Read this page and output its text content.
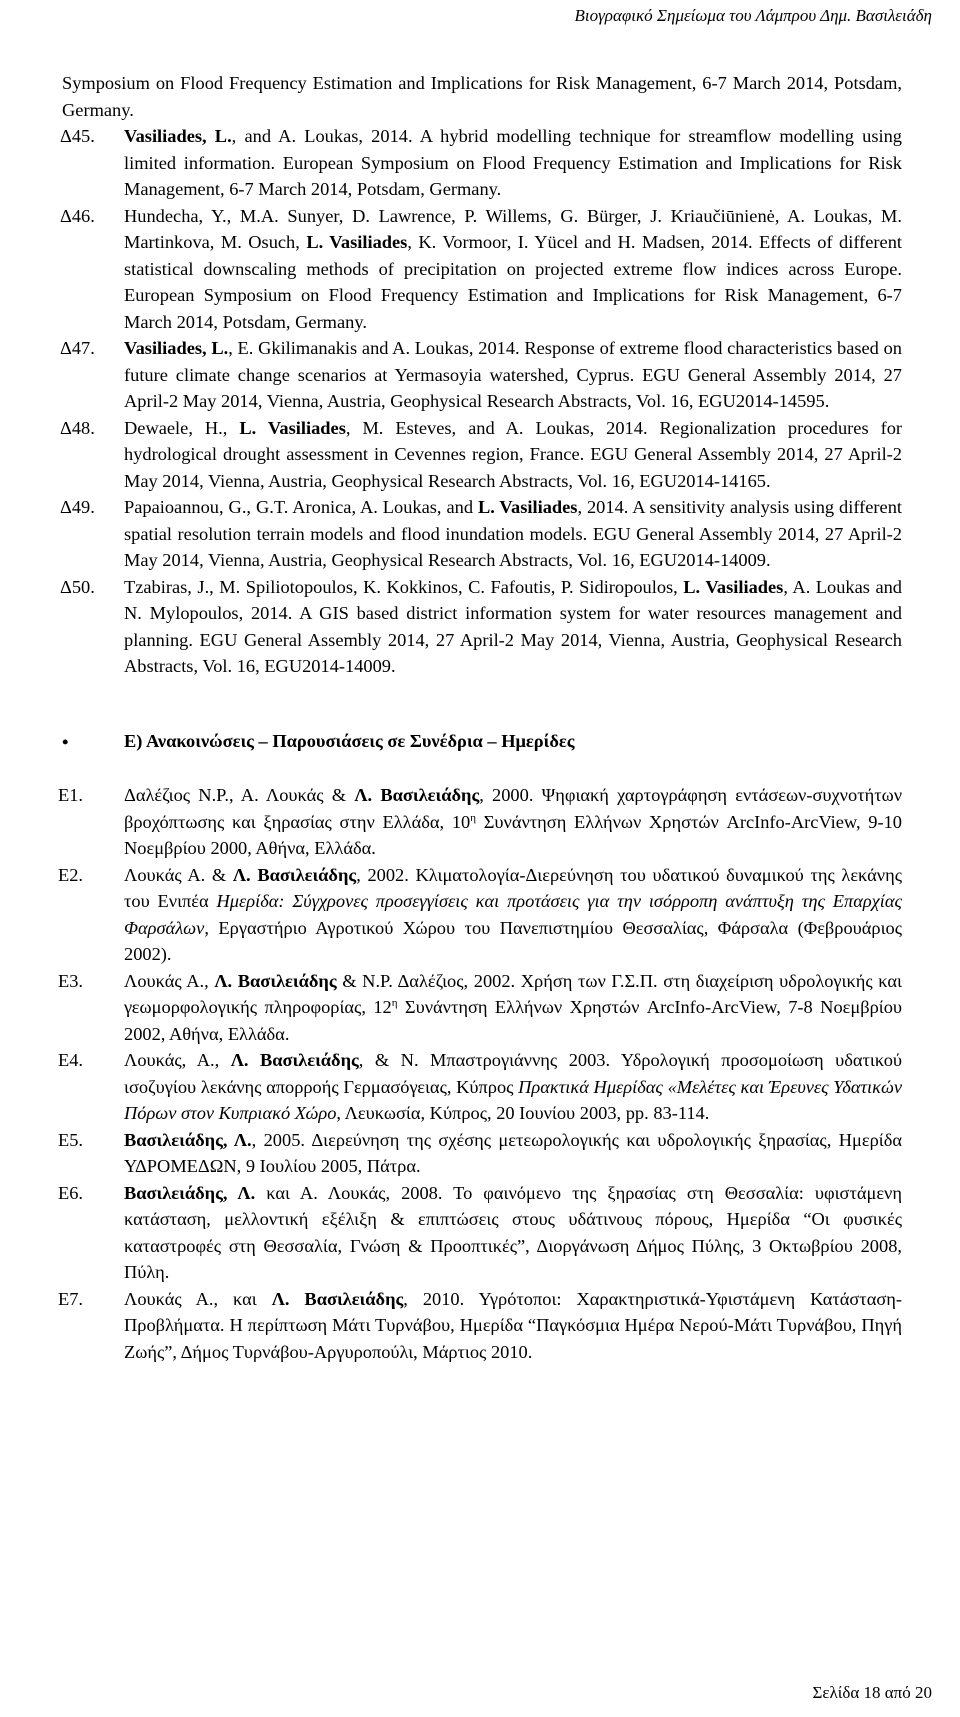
Βιογραφικό Σημείωμα του Λάμπρου Δημ. Βασιλειάδη
Symposium on Flood Frequency Estimation and Implications for Risk Management, 6-7 March 2014, Potsdam, Germany.
Δ45. Vasiliades, L., and A. Loukas, 2014. A hybrid modelling technique for streamflow modelling using limited information. European Symposium on Flood Frequency Estimation and Implications for Risk Management, 6-7 March 2014, Potsdam, Germany.
Δ46. Hundecha, Y., M.A. Sunyer, D. Lawrence, P. Willems, G. Bürger, J. Kriaučiūnienė, A. Loukas, M. Martinkova, M. Osuch, L. Vasiliades, K. Vormoor, I. Yücel and H. Madsen, 2014. Effects of different statistical downscaling methods of precipitation on projected extreme flow indices across Europe. European Symposium on Flood Frequency Estimation and Implications for Risk Management, 6-7 March 2014, Potsdam, Germany.
Δ47. Vasiliades, L., E. Gkilimanakis and A. Loukas, 2014. Response of extreme flood characteristics based on future climate change scenarios at Yermasoyia watershed, Cyprus. EGU General Assembly 2014, 27 April-2 May 2014, Vienna, Austria, Geophysical Research Abstracts, Vol. 16, EGU2014-14595.
Δ48. Dewaele, H., L. Vasiliades, M. Esteves, and A. Loukas, 2014. Regionalization procedures for hydrological drought assessment in Cevennes region, France. EGU General Assembly 2014, 27 April-2 May 2014, Vienna, Austria, Geophysical Research Abstracts, Vol. 16, EGU2014-14165.
Δ49. Papaioannou, G., G.T. Aronica, A. Loukas, and L. Vasiliades, 2014. A sensitivity analysis using different spatial resolution terrain models and flood inundation models. EGU General Assembly 2014, 27 April-2 May 2014, Vienna, Austria, Geophysical Research Abstracts, Vol. 16, EGU2014-14009.
Δ50. Tzabiras, J., M. Spiliotopoulos, K. Kokkinos, C. Fafoutis, P. Sidiropoulos, L. Vasiliades, A. Loukas and N. Mylopoulos, 2014. A GIS based district information system for water resources management and planning. EGU General Assembly 2014, 27 April-2 May 2014, Vienna, Austria, Geophysical Research Abstracts, Vol. 16, EGU2014-14009.
•	Ε) Ανακοινώσεις – Παρουσιάσεις σε Συνέδρια – Ημερίδες
Ε1. Δαλέζιος Ν.Ρ., Α. Λουκάς & Λ. Βασιλειάδης, 2000. Ψηφιακή χαρτογράφηση εντάσεων-συχνοτήτων βροχόπτωσης και ξηρασίας στην Ελλάδα, $10^\eta$ Συνάντηση Ελλήνων Χρηστών ArcInfo-ArcView, 9-10 Νοεμβρίου 2000, Αθήνα, Ελλάδα.
Ε2. Λουκάς Α. & Λ. Βασιλειάδης, 2002. Κλιματολογία-Διερεύνηση του υδατικού δυναμικού της λεκάνης του Ενιπέα Ημερίδα: Σύγχρονες προσεγγίσεις και προτάσεις για την ισόρροπη ανάπτυξη της Επαρχίας Φαρσάλων, Εργαστήριο Αγροτικού Χώρου του Πανεπιστημίου Θεσσαλίας, Φάρσαλα (Φεβρουάριος 2002).
Ε3. Λουκάς Α., Λ. Βασιλειάδης & Ν.Ρ. Δαλέζιος, 2002. Χρήση των Γ.Σ.Π. στη διαχείριση υδρολογικής και γεωμορφολογικής πληροφορίας, $12^\eta$ Συνάντηση Ελλήνων Χρηστών ArcInfo-ArcView, 7-8 Νοεμβρίου 2002, Αθήνα, Ελλάδα.
Ε4. Λουκάς, Α., Λ. Βασιλειάδης, & Ν. Μπαστρογιάννης 2003. Υδρολογική προσομοίωση υδατικού ισοζυγίου λεκάνης απορροής Γερμασόγειας, Κύπρος Πρακτικά Ημερίδας «Μελέτες και Έρευνες Υδατικών Πόρων στον Κυπριακό Χώρο, Λευκωσία, Κύπρος, 20 Ιουνίου 2003, pp. 83-114.
Ε5. Βασιλειάδης, Λ., 2005. Διερεύνηση της σχέσης μετεωρολογικής και υδρολογικής ξηρασίας, Ημερίδα ΥΔΡΟΜΕΔΩΝ, 9 Ιουλίου 2005, Πάτρα.
Ε6. Βασιλειάδης, Λ. και Α. Λουκάς, 2008. Το φαινόμενο της ξηρασίας στη Θεσσαλία: υφιστάμενη κατάσταση, μελλοντική εξέλιξη & επιπτώσεις στους υδάτινους πόρους, Ημερίδα “Οι φυσικές καταστροφές στη Θεσσαλία, Γνώση & Προοπτικές”, Διοργάνωση Δήμος Πύλης, 3 Οκτωβρίου 2008, Πύλη.
Ε7. Λουκάς Α., και Λ. Βασιλειάδης, 2010. Υγρότοποι: Χαρακτηριστικά-Υφιστάμενη Κατάσταση-Προβλήματα. Η περίπτωση Μάτι Τυρνάβου, Ημερίδα “Παγκόσμια Ημέρα Νερού-Μάτι Τυρνάβου, Πηγή Ζωής”, Δήμος Τυρνάβου-Αργυροπούλι, Μάρτιος 2010.
Σελίδα 18 από 20
